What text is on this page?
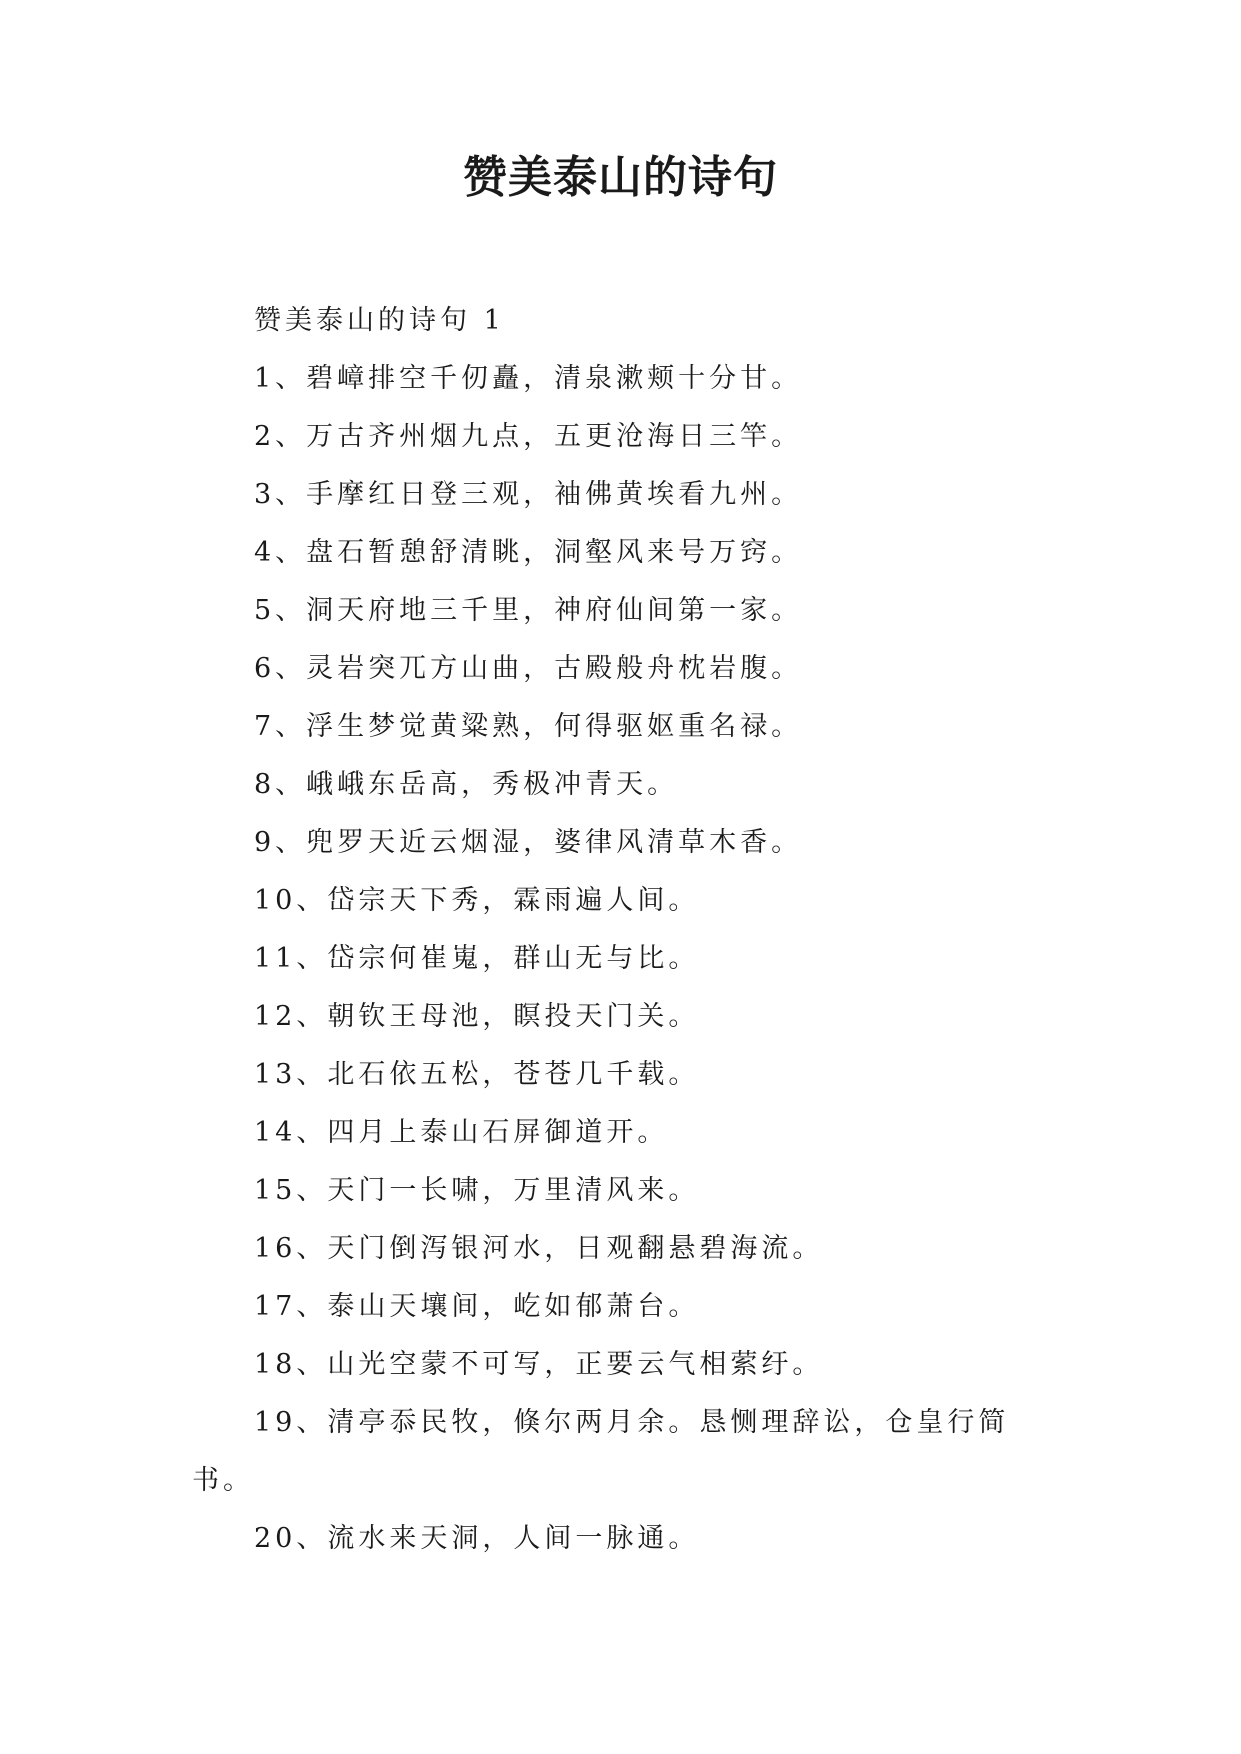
赞美泰山的诗句

赞美泰山的诗句 1

1、碧嶂排空千仞矗，清泉漱颊十分甘。

2、万古齐州烟九点，五更沧海日三竿。

3、手摩红日登三观，袖佛黄埃看九州。

4、盘石暂憩舒清眺，洞壑风来号万窍。

5、洞天府地三千里，神府仙间第一家。

6、灵岩突兀方山曲，古殿般舟枕岩腹。

7、浮生梦觉黄粱熟，何得驱妪重名禄。

8、峨峨东岳高，秀极冲青天。

9、兜罗天近云烟湿，婆律风清草木香。

10、岱宗天下秀，霖雨遍人间。

11、岱宗何崔嵬，群山无与比。

12、朝钦王母池，瞑投天门关。

13、北石依五松，苍苍几千载。

14、四月上泰山石屏御道开。

15、天门一长啸，万里清风来。

16、天门倒泻银河水，日观翻悬碧海流。

17、泰山天壤间，屹如郁萧台。

18、山光空蒙不可写，正要云气相萦纡。

19、清亭忝民牧，倏尔两月余。恳恻理辞讼，仓皇行简书。

20、流水来天洞，人间一脉通。
